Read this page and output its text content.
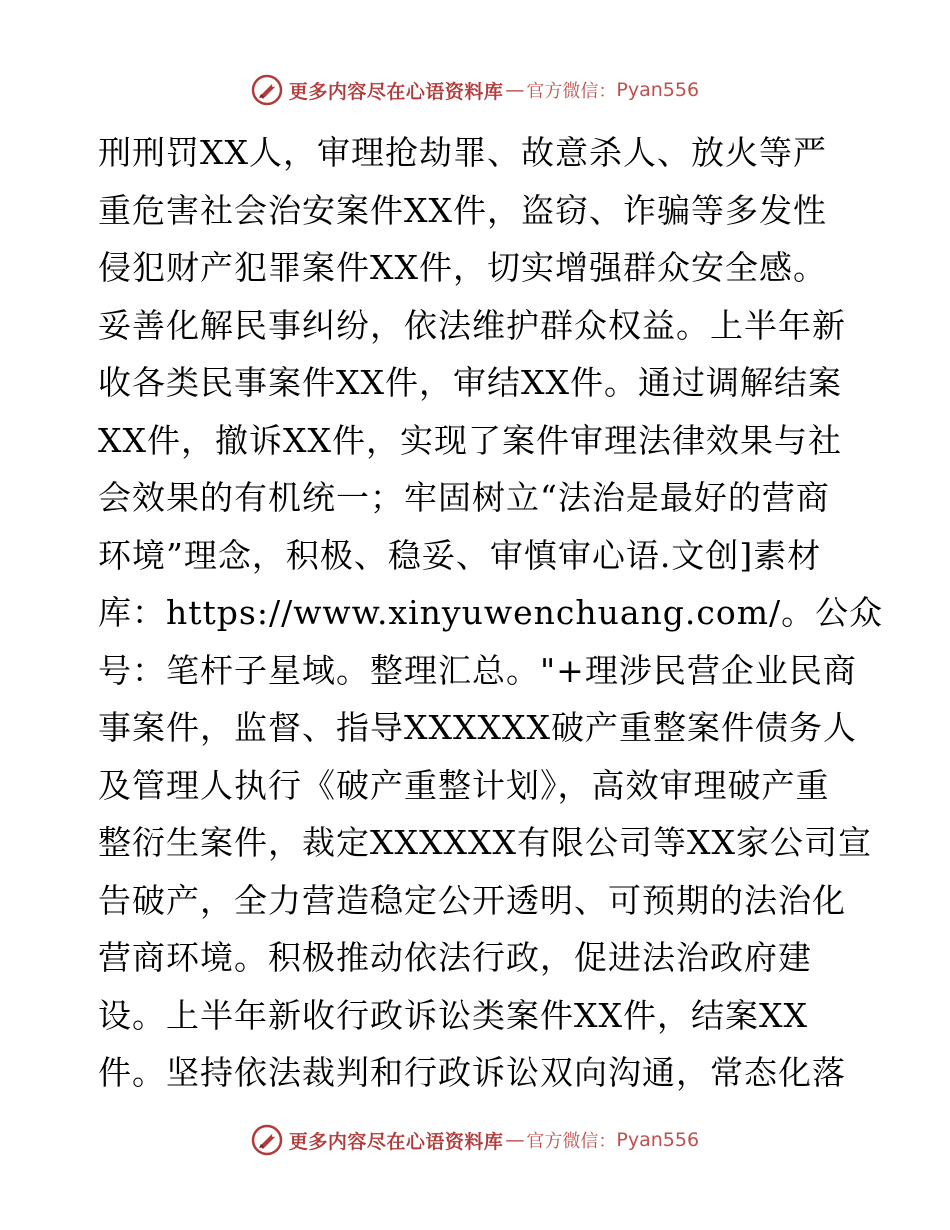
更多内容尽在心语资料库 — 官方微信： Pyan556
刑刑罚XX人，审理抢劫罪、故意杀人、放火等严
重危害社会治安案件XX件，盗窃、诈骗等多发性
侵犯财产犯罪案件XX件，切实增强群众安全感。
妥善化解民事纠纷，依法维护群众权益。上半年新
收各类民事案件XX件，审结XX件。通过调解结案
XX件，撤诉XX件，实现了案件审理法律效果与社
会效果的有机统一；牢固树立“法治是最好的营商
环境”理念，积极、稳妥、审慎审心语.文创]素材
库：https://www.xinyuwenchuang.com/。公众
号：笔杆子星域。整理汇总。"+理涉民营企业民商
事案件，监督、指导XXXXXX破产重整案件债务人
及管理人执行《破产重整计划》，高效审理破产重
整衍生案件，裁定XXXXXX有限公司等XX家公司宣
告破产，全力营造稳定公开透明、可预期的法治化
营商环境。积极推动依法行政，促进法治政府建
设。上半年新收行政诉讼类案件XX件，结案XX
件。坚持依法裁判和行政诉讼双向沟通，常态化落
更多内容尽在心语资料库 — 官方微信： Pyan556
